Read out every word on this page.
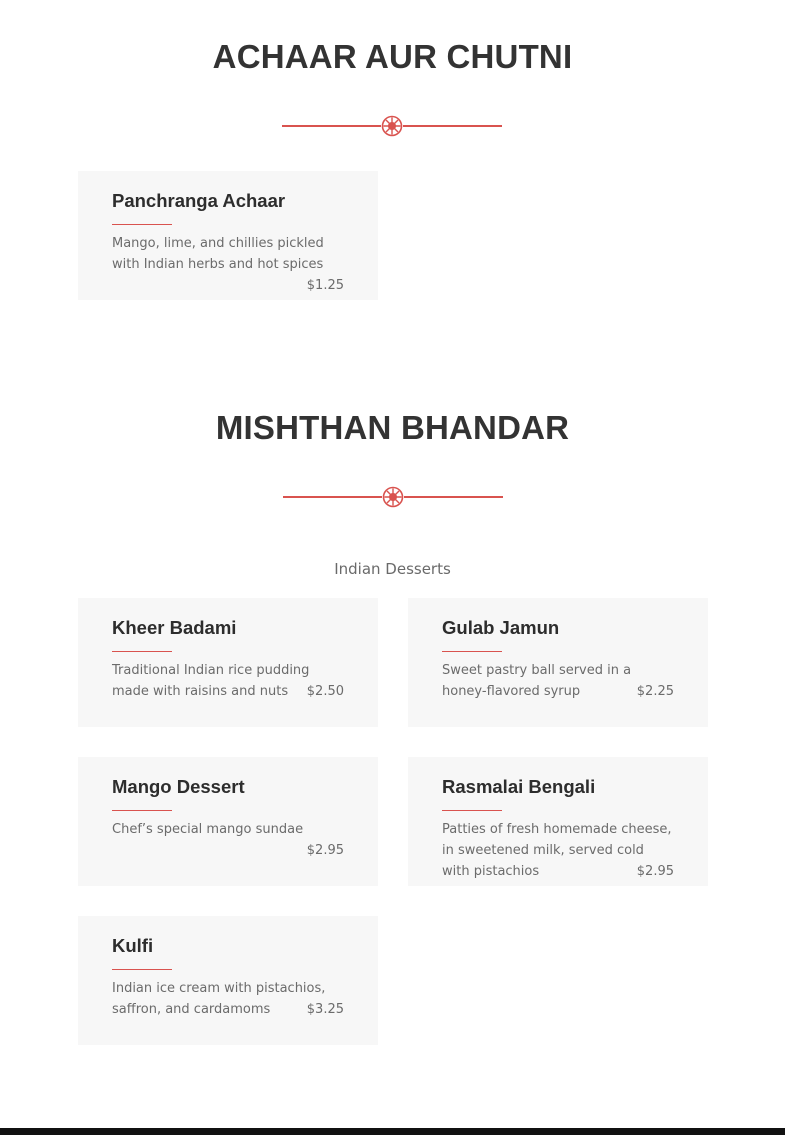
ACHAAR AUR CHUTNI
Panchranga Achaar
Mango, lime, and chillies pickled with Indian herbs and hot spices
$1.25
MISHTHAN BHANDAR
Indian Desserts
Kheer Badami
Traditional Indian rice pudding made with raisins and nuts $2.50
Gulab Jamun
Sweet pastry ball served in a honey-flavored syrup	$2.25
Mango Dessert
Chef’s special mango sundae
$2.95
Rasmalai Bengali
Patties of fresh homemade cheese, in sweetened milk, served cold with pistachios	$2.95
Kulfi
Indian ice cream with pistachios, saffron, and cardamoms	$3.25
